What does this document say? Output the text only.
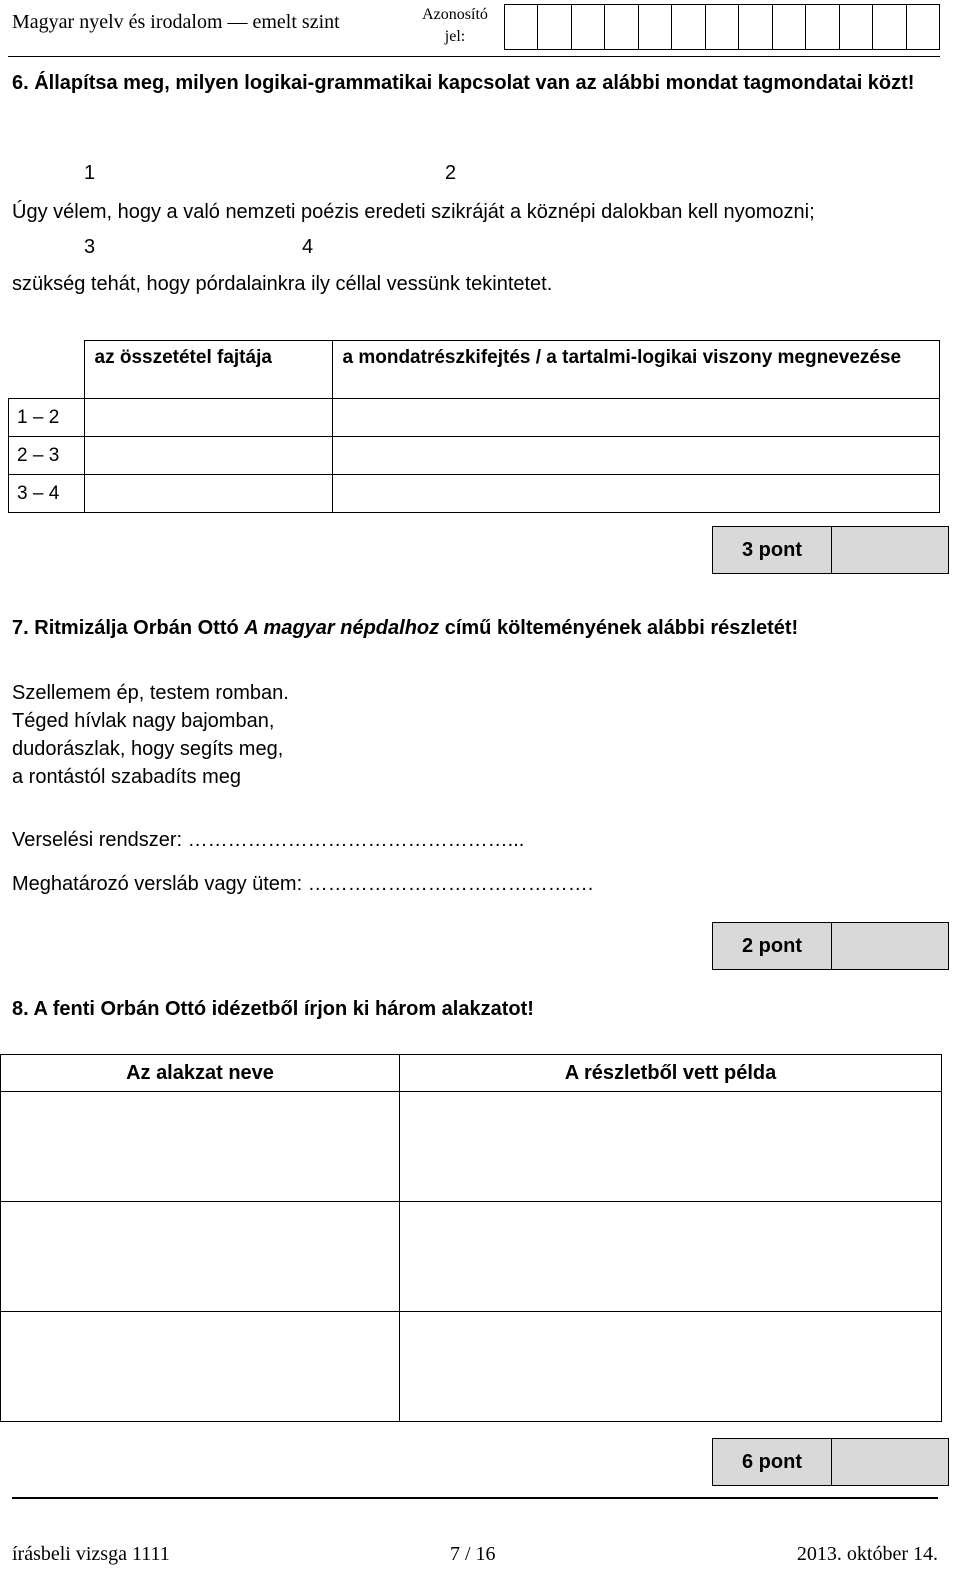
Magyar nyelv és irodalom — emelt szint	Azonosító
jel:
6. Állapítsa meg, milyen logikai-grammatikai kapcsolat van az alábbi mondat tagmondatai közt!
1	2
Úgy vélem, hogy a való nemzeti poézis eredeti szikráját a köznépi dalokban kell nyomozni;
3	4
szükség tehát, hogy pórdalainkra ily céllal vessünk tekintetet.
	az összetétel fajtája	a mondatrészkifejtés / a tartalmi-logikai viszony megnevezése
1 – 2		
2 – 3		
3 – 4		
3 pont
7. Ritmizálja Orbán Ottó A magyar népdalhoz című költeményének alábbi részletét!
Szellemem ép, testem romban.
Téged hívlak nagy bajomban,
dudorászlak, hogy segíts meg,
a rontástól szabadíts meg
Verselési rendszer: …………………………………………...
Meghatározó versláb vagy ütem: …………………………………….
2 pont
8. A fenti Orbán Ottó idézetből írjon ki három alakzatot!
Az alakzat neve	A részletből vett példa

6 pont
írásbeli vizsga 1111	7 / 16	2013. október 14.
